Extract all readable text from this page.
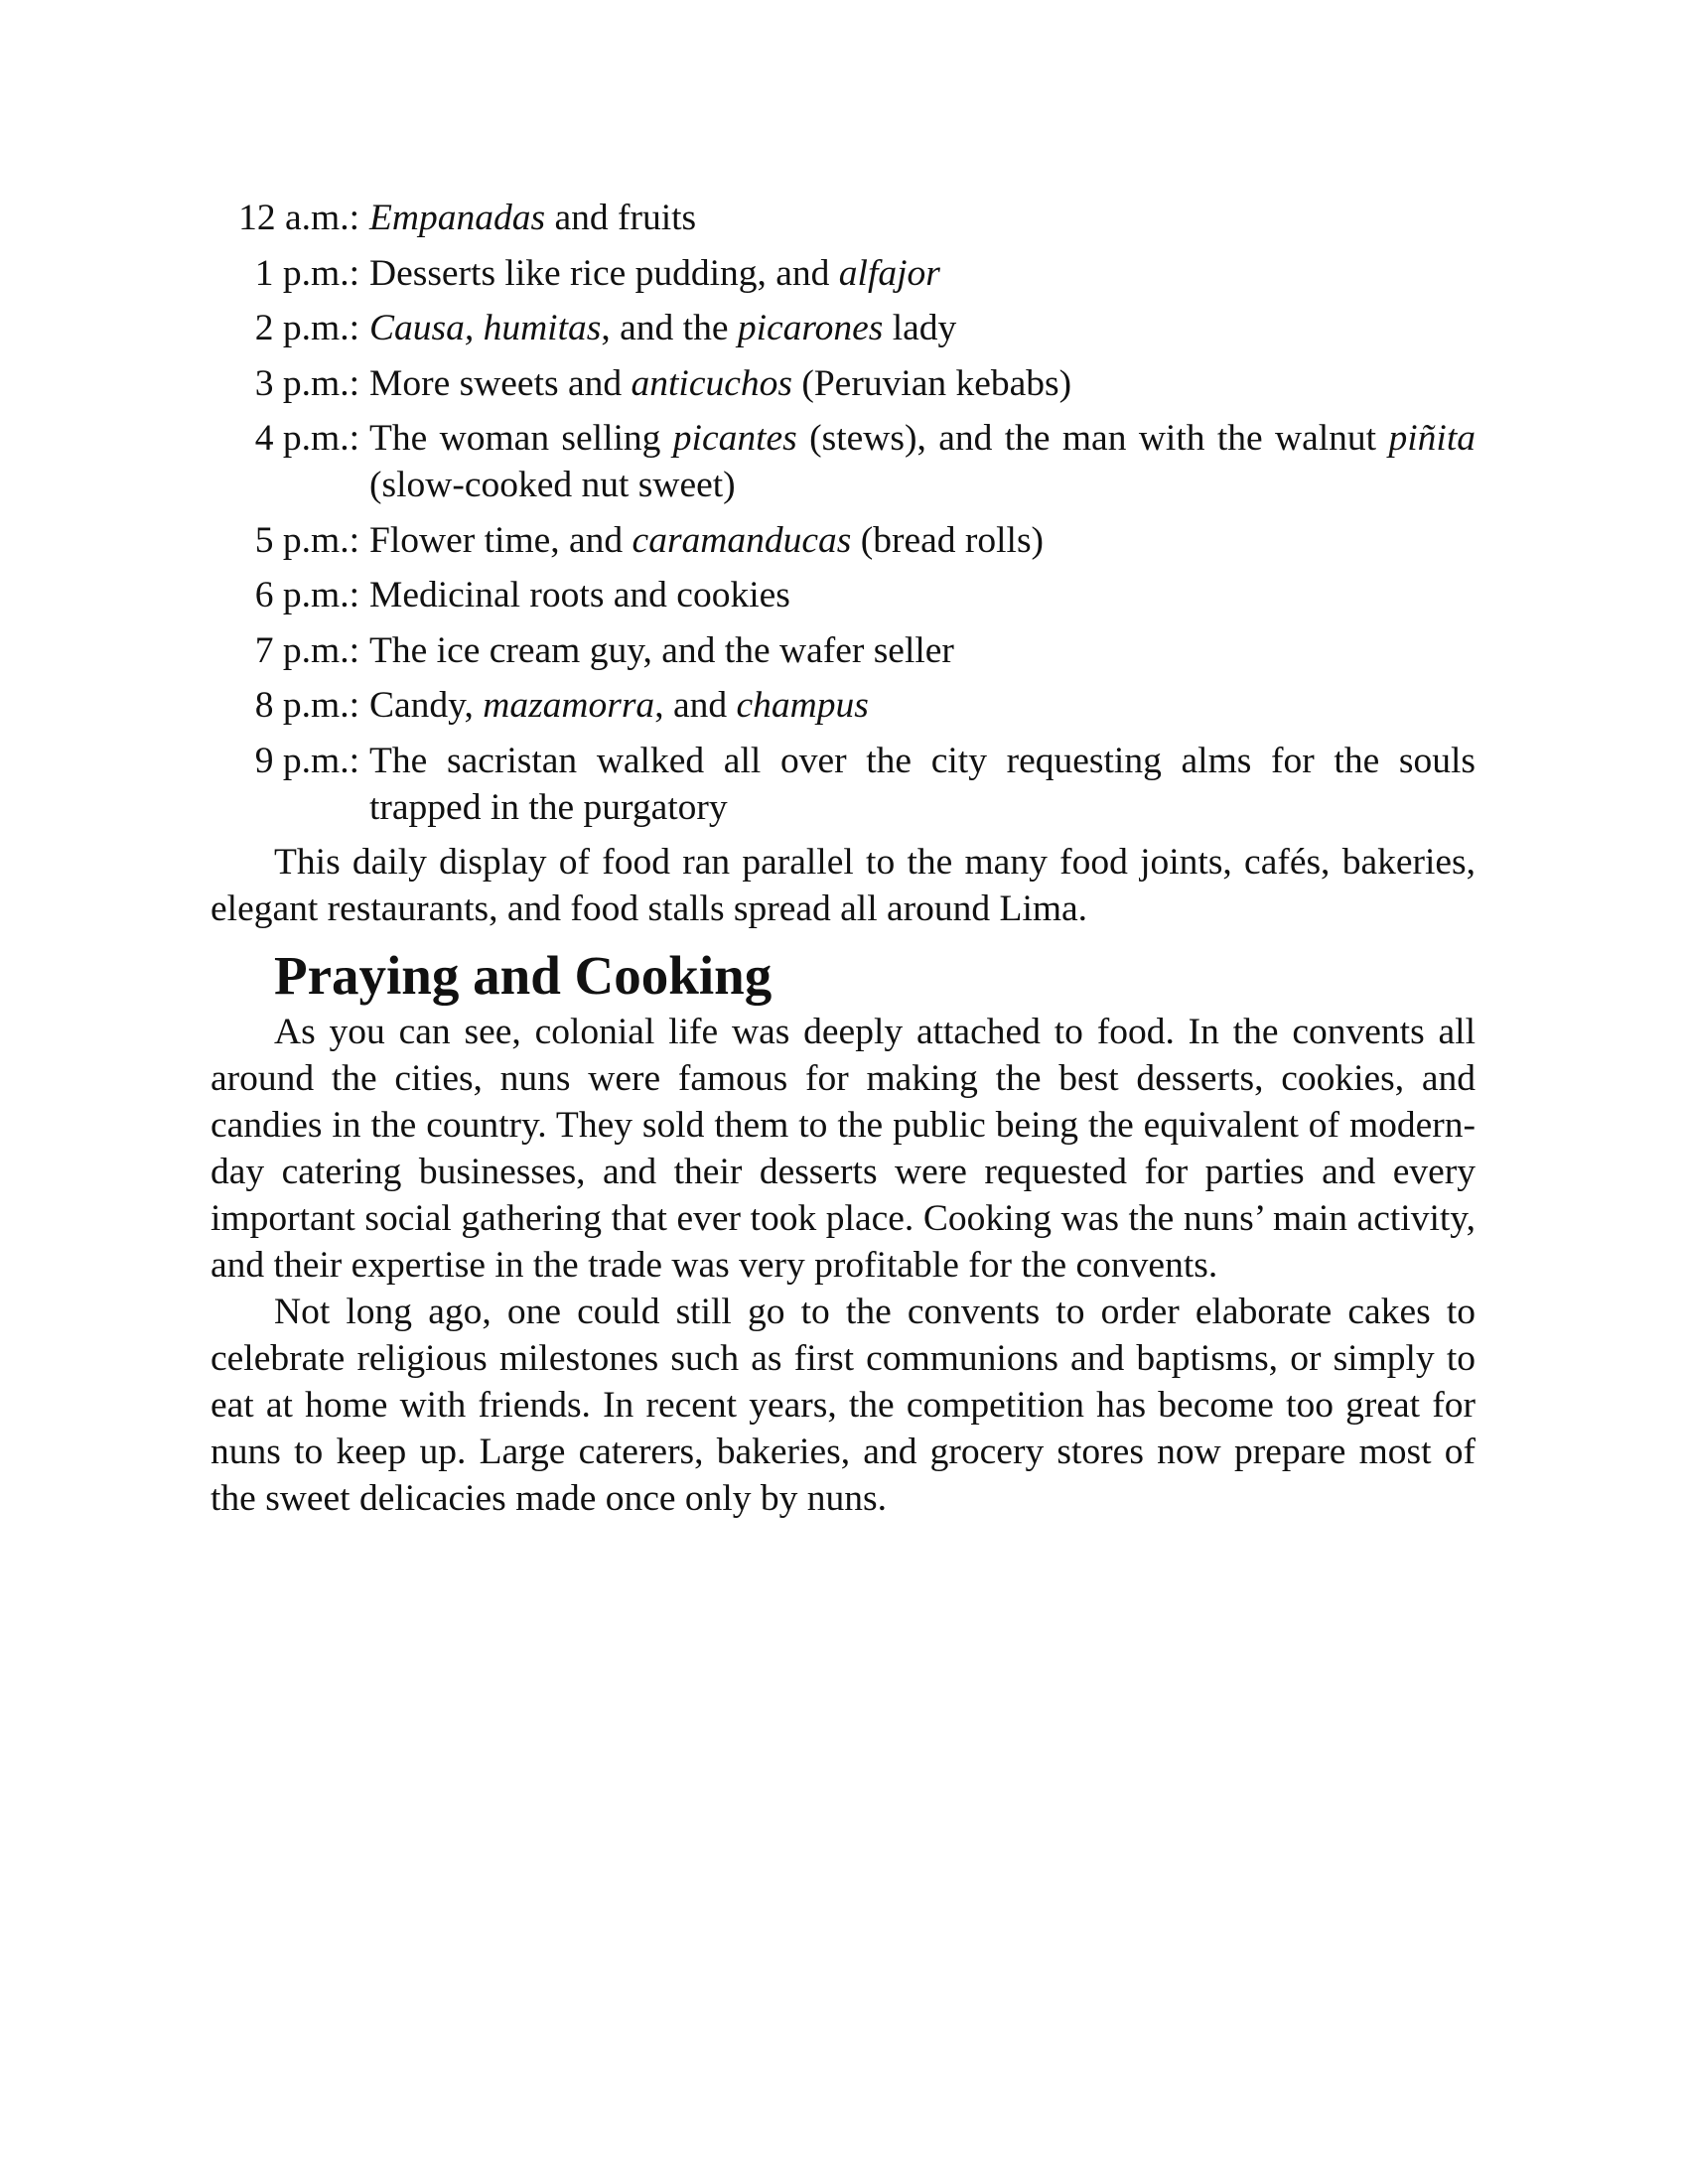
12 a.m.: Empanadas and fruits
1 p.m.: Desserts like rice pudding, and alfajor
2 p.m.: Causa, humitas, and the picarones lady
3 p.m.: More sweets and anticuchos (Peruvian kebabs)
4 p.m.: The woman selling picantes (stews), and the man with the walnut piñita (slow-cooked nut sweet)
5 p.m.: Flower time, and caramanducas (bread rolls)
6 p.m.: Medicinal roots and cookies
7 p.m.: The ice cream guy, and the wafer seller
8 p.m.: Candy, mazamorra, and champus
9 p.m.: The sacristan walked all over the city requesting alms for the souls trapped in the purgatory

This daily display of food ran parallel to the many food joints, cafés, bakeries, elegant restaurants, and food stalls spread all around Lima.

Praying and Cooking

As you can see, colonial life was deeply attached to food. In the convents all around the cities, nuns were famous for making the best desserts, cookies, and candies in the country. They sold them to the public being the equivalent of modern-day catering businesses, and their desserts were requested for parties and every important social gathering that ever took place. Cooking was the nuns’ main activity, and their expertise in the trade was very profitable for the convents.

Not long ago, one could still go to the convents to order elaborate cakes to celebrate religious milestones such as first communions and baptisms, or simply to eat at home with friends. In recent years, the competition has become too great for nuns to keep up. Large caterers, bakeries, and grocery stores now prepare most of the sweet delicacies made once only by nuns.
